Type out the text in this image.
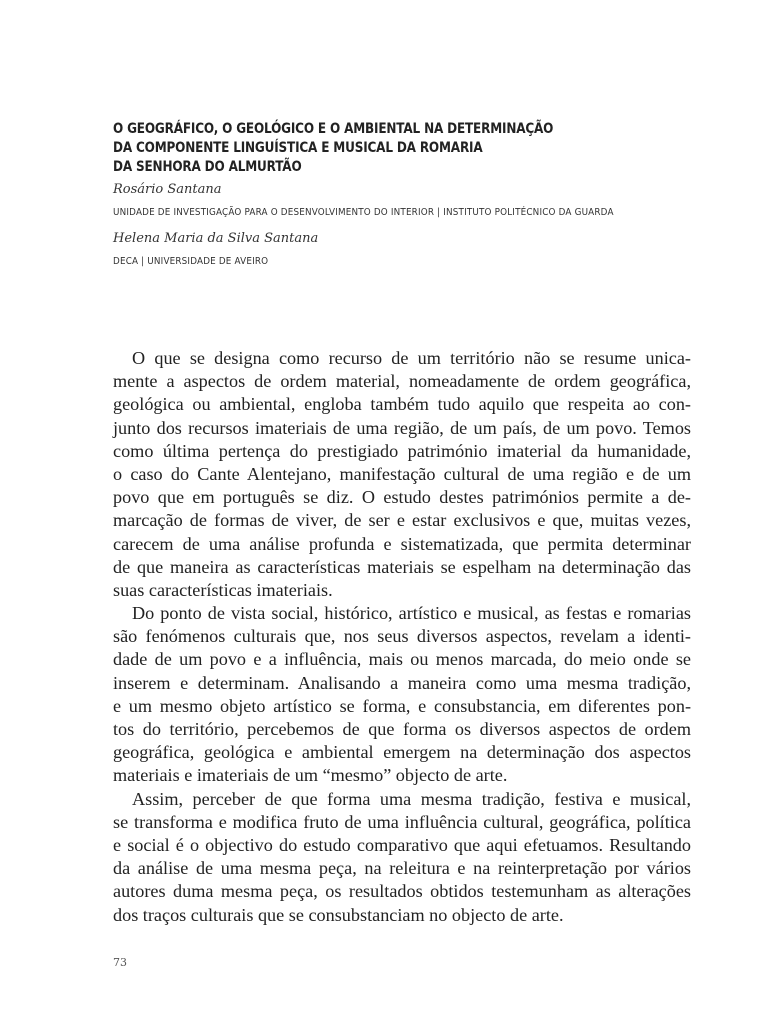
O GEOGRÁFICO, O GEOLÓGICO E O AMBIENTAL NA DETERMINAÇÃO
DA COMPONENTE LINGUÍSTICA E MUSICAL DA ROMARIA
DA SENHORA DO ALMURTÃO
Rosário Santana
UNIDADE DE INVESTIGAÇÃO PARA O DESENVOLVIMENTO DO INTERIOR | INSTITUTO POLITÉCNICO DA GUARDA
Helena Maria da Silva Santana
DECA | UNIVERSIDADE DE AVEIRO
O que se designa como recurso de um território não se resume unica-
mente a aspectos de ordem material, nomeadamente de ordem geográfica,
geológica ou ambiental, engloba também tudo aquilo que respeita ao con-
junto dos recursos imateriais de uma região, de um país, de um povo. Temos
como última pertença do prestigiado património imaterial da humanidade,
o caso do Cante Alentejano, manifestação cultural de uma região e de um
povo que em português se diz. O estudo destes patrimónios permite a de-
marcação de formas de viver, de ser e estar exclusivos e que, muitas vezes,
carecem de uma análise profunda e sistematizada, que permita determinar
de que maneira as características materiais se espelham na determinação das
suas características imateriais.
Do ponto de vista social, histórico, artístico e musical, as festas e romarias
são fenómenos culturais que, nos seus diversos aspectos, revelam a identi-
dade de um povo e a influência, mais ou menos marcada, do meio onde se
inserem e determinam. Analisando a maneira como uma mesma tradição,
e um mesmo objeto artístico se forma, e consubstancia, em diferentes pon-
tos do território, percebemos de que forma os diversos aspectos de ordem
geográfica, geológica e ambiental emergem na determinação dos aspectos
materiais e imateriais de um “mesmo” objecto de arte.
Assim, perceber de que forma uma mesma tradição, festiva e musical,
se transforma e modifica fruto de uma influência cultural, geográfica, política
e social é o objectivo do estudo comparativo que aqui efetuamos. Resultando
da análise de uma mesma peça, na releitura e na reinterpretação por vários
autores duma mesma peça, os resultados obtidos testemunham as alterações
dos traços culturais que se consubstanciam no objecto de arte.
73
